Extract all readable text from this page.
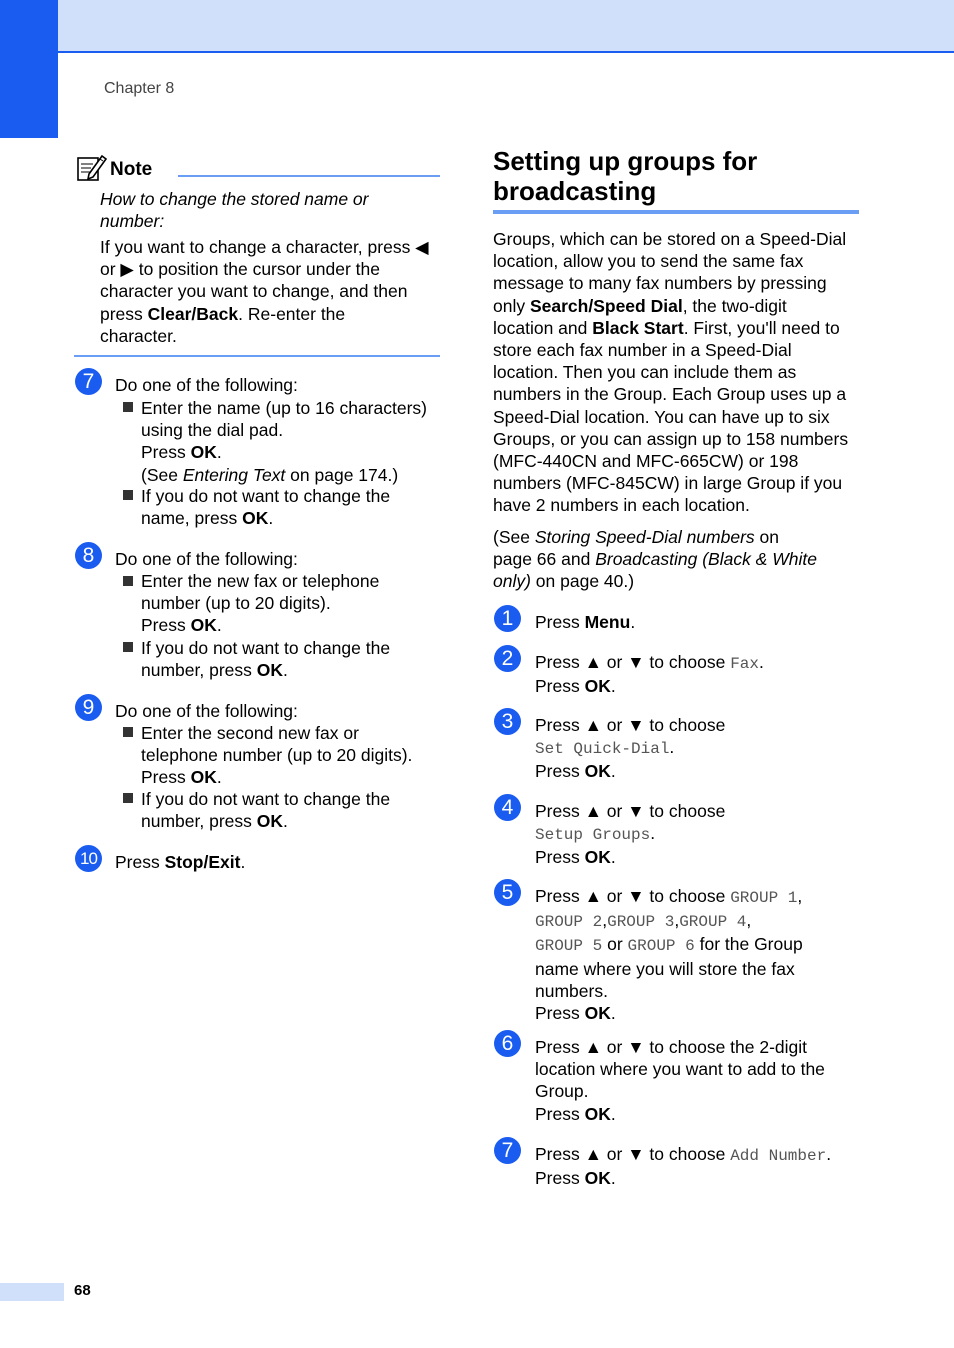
Chapter 8
Note
How to change the stored name or
number:
If you want to change a character, press ◀
or ▶ to position the cursor under the
character you want to change, and then
press Clear/Back. Re-enter the
character.
7	Do one of the following:
Enter the name (up to 16 characters)
using the dial pad.
Press OK.
(See Entering Text on page 174.)
If you do not want to change the
name, press OK.
8	Do one of the following:
Enter the new fax or telephone
number (up to 20 digits).
Press OK.
If you do not want to change the
number, press OK.
9	Do one of the following:
Enter the second new fax or
telephone number (up to 20 digits).
Press OK.
If you do not want to change the
number, press OK.
10 Press Stop/Exit.
Setting up groups for
broadcasting
Groups, which can be stored on a Speed-Dial
location, allow you to send the same fax
message to many fax numbers by pressing
only Search/Speed Dial, the two-digit
location and Black Start. First, you'll need to
store each fax number in a Speed-Dial
location. Then you can include them as
numbers in the Group. Each Group uses up a
Speed-Dial location. You can have up to six
Groups, or you can assign up to 158 numbers
(MFC-440CN and MFC-665CW) or 198
numbers (MFC-845CW) in large Group if you
have 2 numbers in each location.
(See Storing Speed-Dial numbers on
page 66 and Broadcasting (Black & White
only) on page 40.)
1	Press Menu.
2	Press ▲ or ▼ to choose Fax.
Press OK.
3	Press ▲ or ▼ to choose
Set Quick-Dial.
Press OK.
4	Press ▲ or ▼ to choose
Setup Groups.
Press OK.
5	Press ▲ or ▼ to choose GROUP 1,
GROUP 2,GROUP 3,GROUP 4,
GROUP 5 or GROUP 6 for the Group
name where you will store the fax
numbers.
Press OK.
6	Press ▲ or ▼ to choose the 2-digit
location where you want to add to the
Group.
Press OK.
7	Press ▲ or ▼ to choose Add Number.
Press OK.
68
